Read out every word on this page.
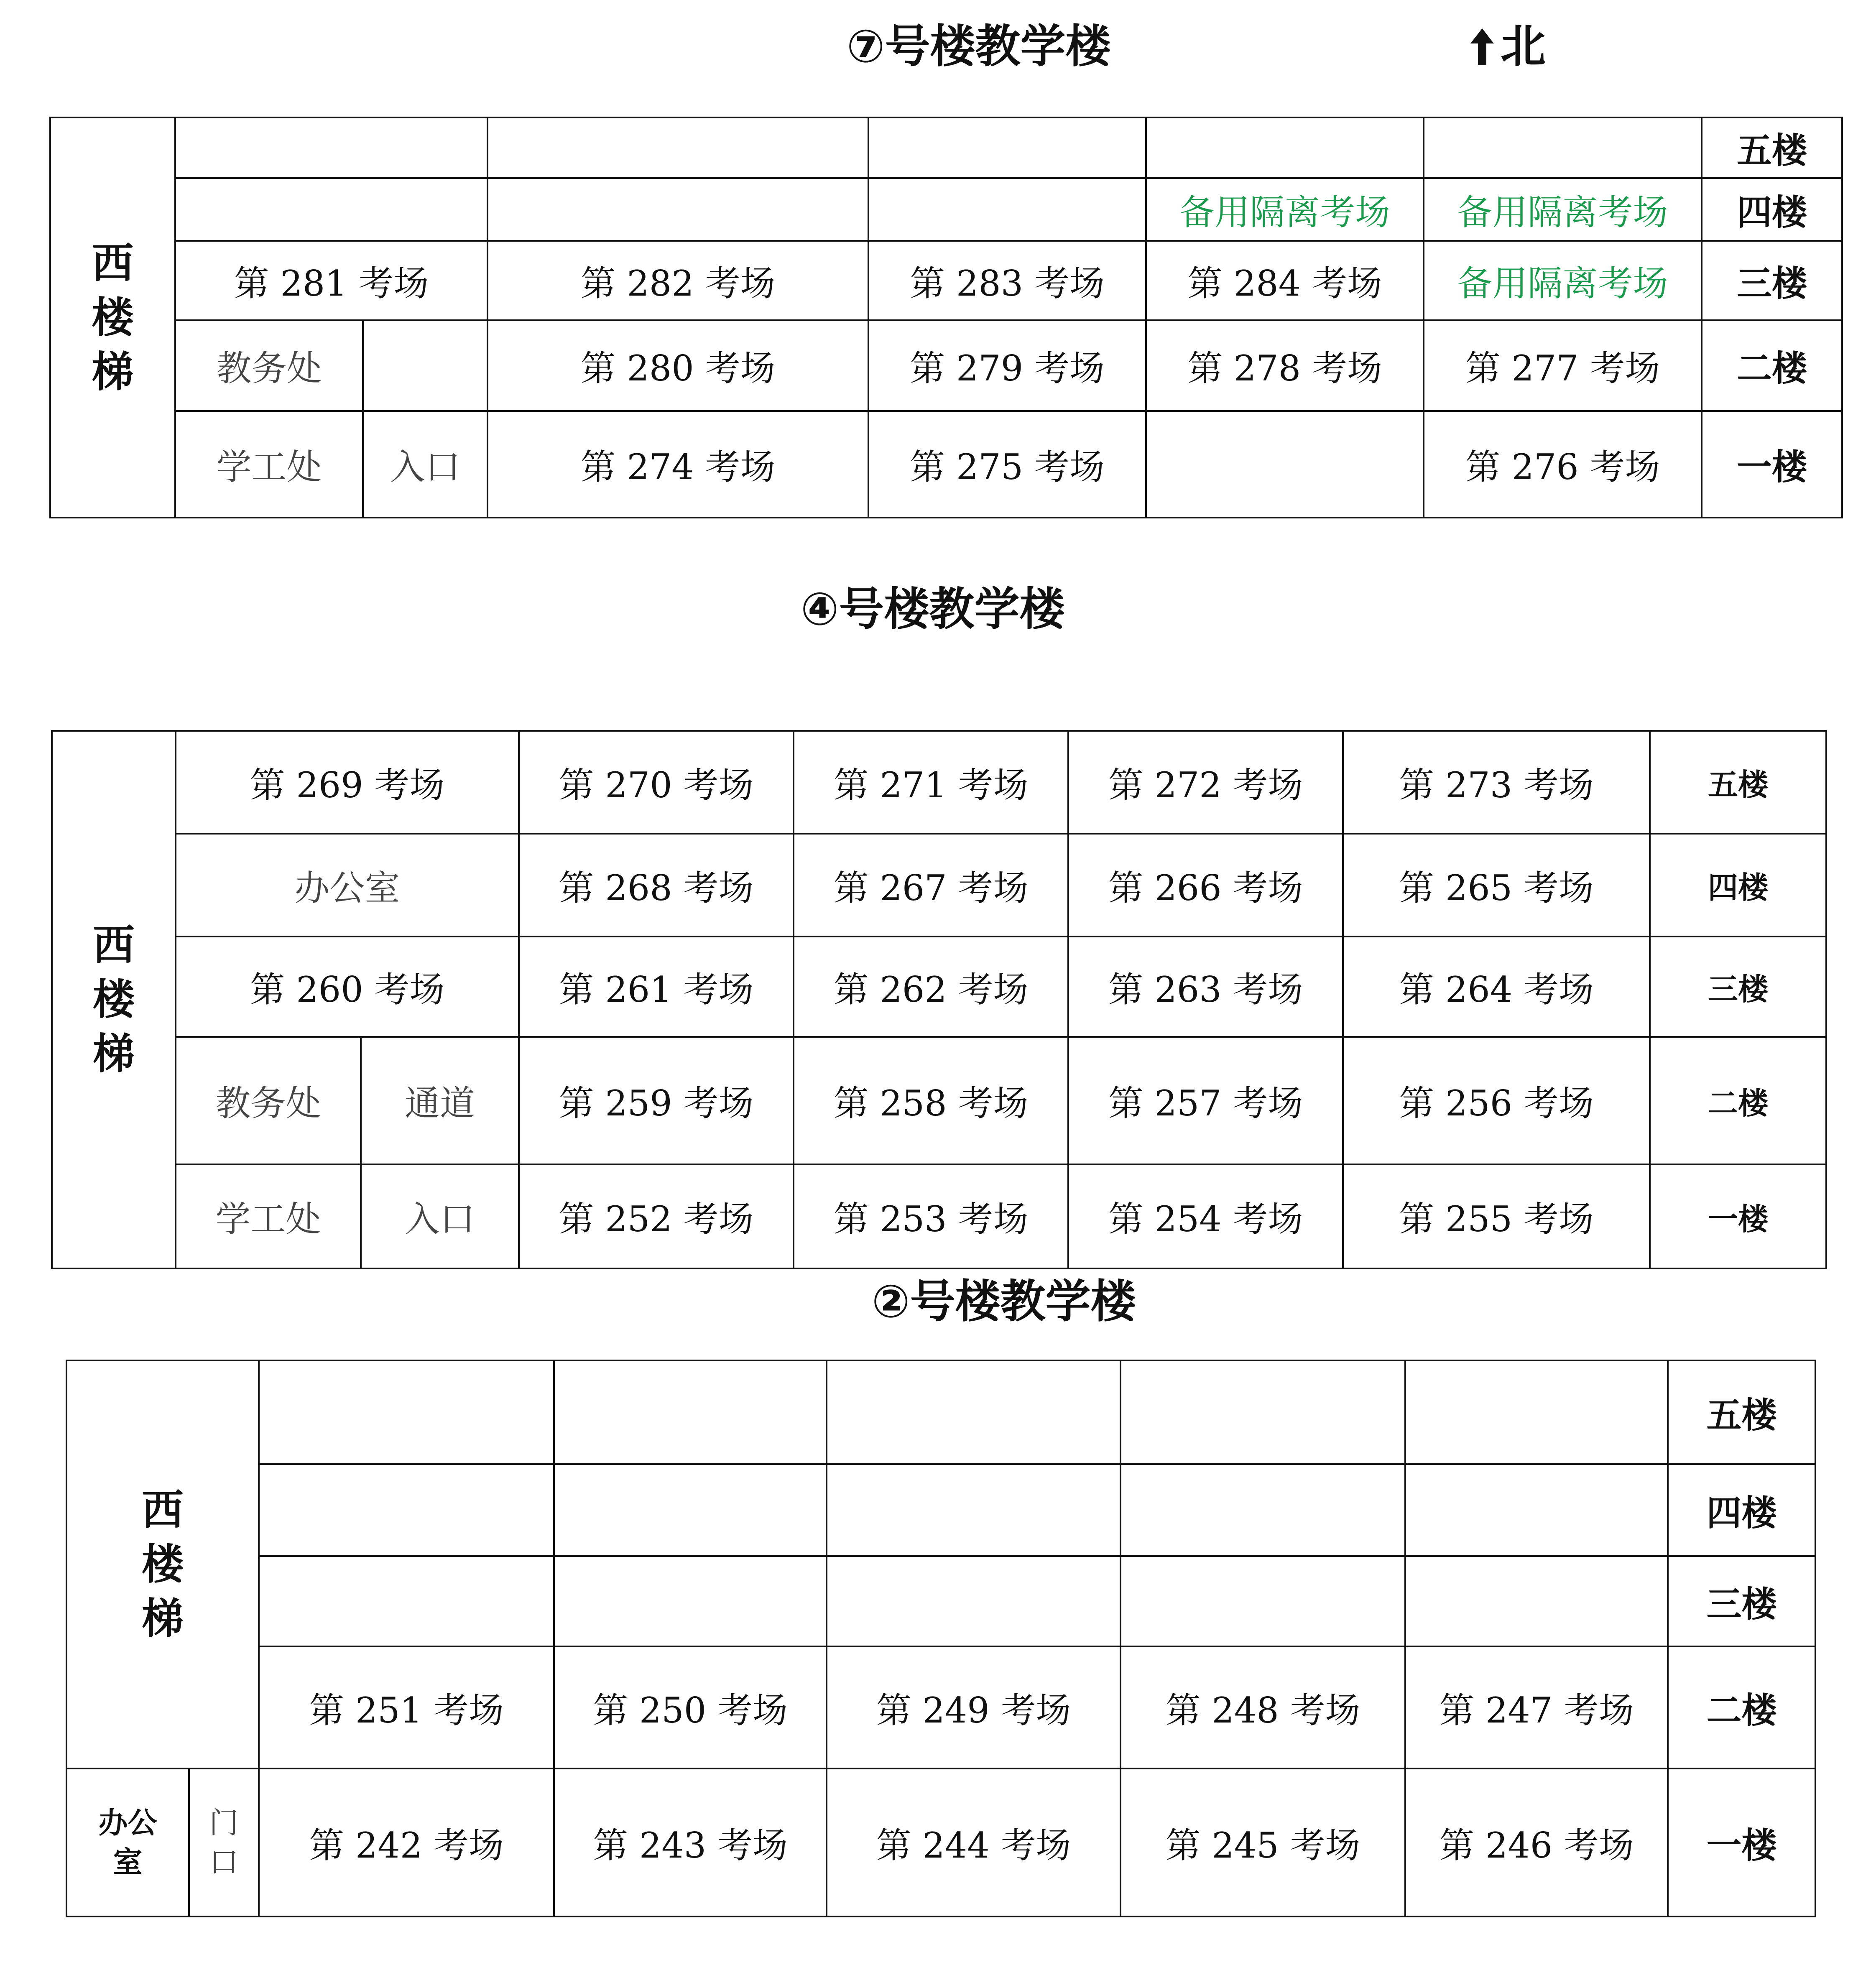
⑦号楼教学楼	北
西
楼
梯							五楼
					备用隔离考场	备用隔离考场	四楼
	第 281 考场		第 282 考场	第 283 考场	第 284 考场	备用隔离考场	三楼
	教务处		第 280 考场	第 279 考场	第 278 考场	第 277 考场	二楼
	学工处	入口	第 274 考场	第 275 考场		第 276 考场	一楼
④号楼教学楼
西
楼
梯	第 269 考场		第 270 考场	第 271 考场	第 272 考场	第 273 考场	五楼
	办公室		第 268 考场	第 267 考场	第 266 考场	第 265 考场	四楼
	第 260 考场		第 261 考场	第 262 考场	第 263 考场	第 264 考场	三楼
	教务处	通道	第 259 考场	第 258 考场	第 257 考场	第 256 考场	二楼
	学工处	入口	第 252 考场	第 253 考场	第 254 考场	第 255 考场	一楼
②号楼教学楼
西
楼
梯							五楼
							四楼
							三楼
		第 251 考场	第 250 考场	第 249 考场	第 248 考场	第 247 考场	二楼

办公
室	门
口	第 242 考场	第 243 考场	第 244 考场	第 245 考场	第 246 考场	一楼
